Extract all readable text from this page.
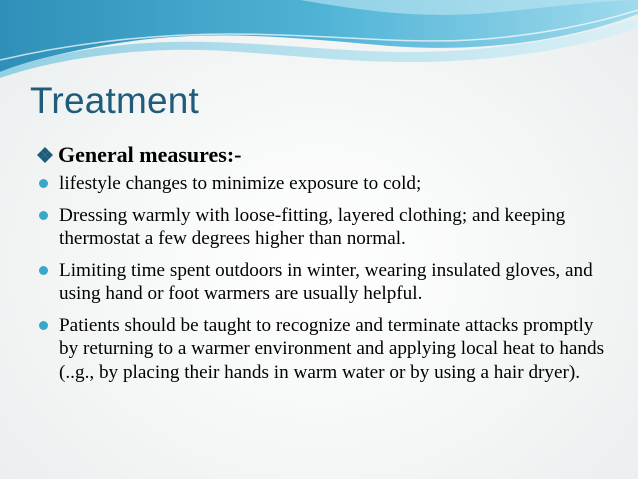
Treatment
General measures:-
lifestyle changes to minimize exposure to cold;
Dressing warmly with loose-fitting, layered clothing; and keeping thermostat a few degrees higher than normal.
Limiting time spent outdoors in winter, wearing insulated gloves, and using hand or foot warmers are usually helpful.
Patients should be taught to recognize and terminate attacks promptly by returning to a warmer environment and applying local heat to hands (..g., by placing their hands in warm water or by using a hair dryer).
